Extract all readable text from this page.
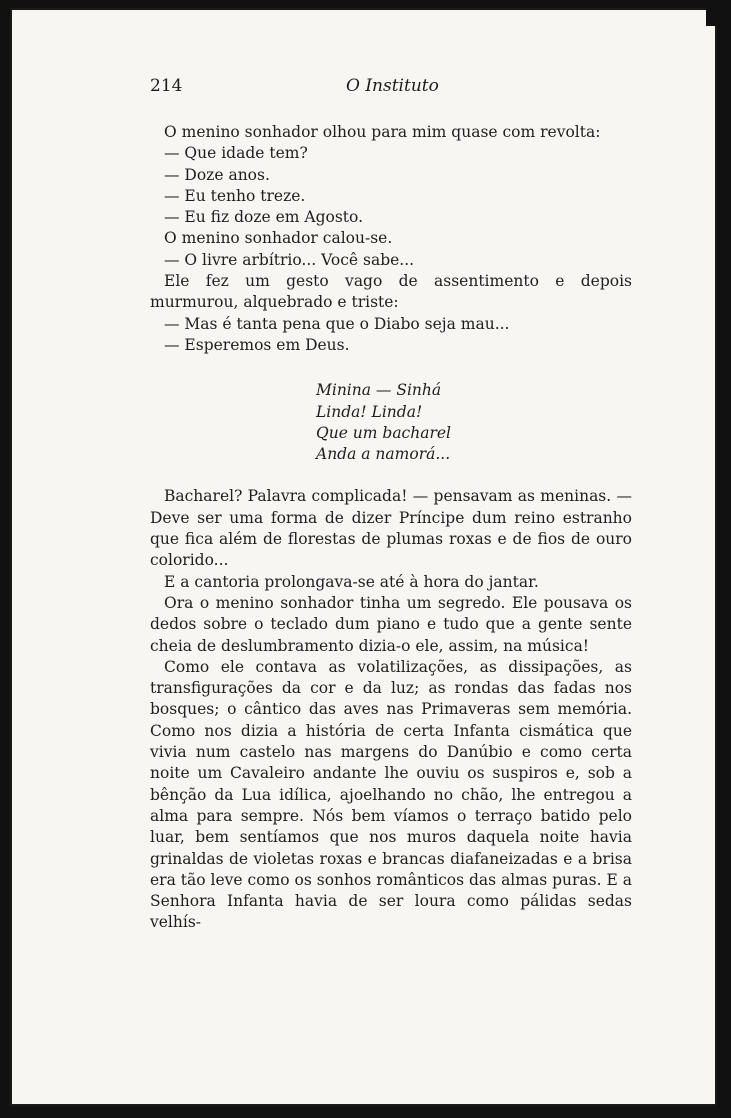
214	O Instituto

O menino sonhador olhou para mim quase com revolta:

— Que idade tem?

— Doze anos.

— Eu tenho treze.

— Eu fiz doze em Agosto.

O menino sonhador calou-se.

— O livre arbítrio... Você sabe...

Ele fez um gesto vago de assentimento e depois murmurou, alquebrado e triste:

— Mas é tanta pena que o Diabo seja mau...

— Esperemos em Deus.

Minina — Sinhá
Linda! Linda!
Que um bacharel
Anda a namorá...

Bacharel? Palavra complicada! — pensavam as meninas. — Deve ser uma forma de dizer Príncipe dum reino estranho que fica além de florestas de plumas roxas e de fios de ouro colorido...

E a cantoria prolongava-se até à hora do jantar.

Ora o menino sonhador tinha um segredo. Ele pousava os dedos sobre o teclado dum piano e tudo que a gente sente cheia de deslumbramento dizia-o ele, assim, na música!

Como ele contava as volatilizações, as dissipações, as transfigurações da cor e da luz; as rondas das fadas nos bosques; o cântico das aves nas Primaveras sem memória. Como nos dizia a história de certa Infanta cismática que vivia num castelo nas margens do Danúbio e como certa noite um Cavaleiro andante lhe ouviu os suspiros e, sob a bênção da Lua idílica, ajoelhando no chão, lhe entregou a alma para sempre. Nós bem víamos o terraço batido pelo luar, bem sentíamos que nos muros daquela noite havia grinaldas de violetas roxas e brancas diafaneizadas e a brisa era tão leve como os sonhos românticos das almas puras. E a Senhora Infanta havia de ser loura como pálidas sedas velhís-
